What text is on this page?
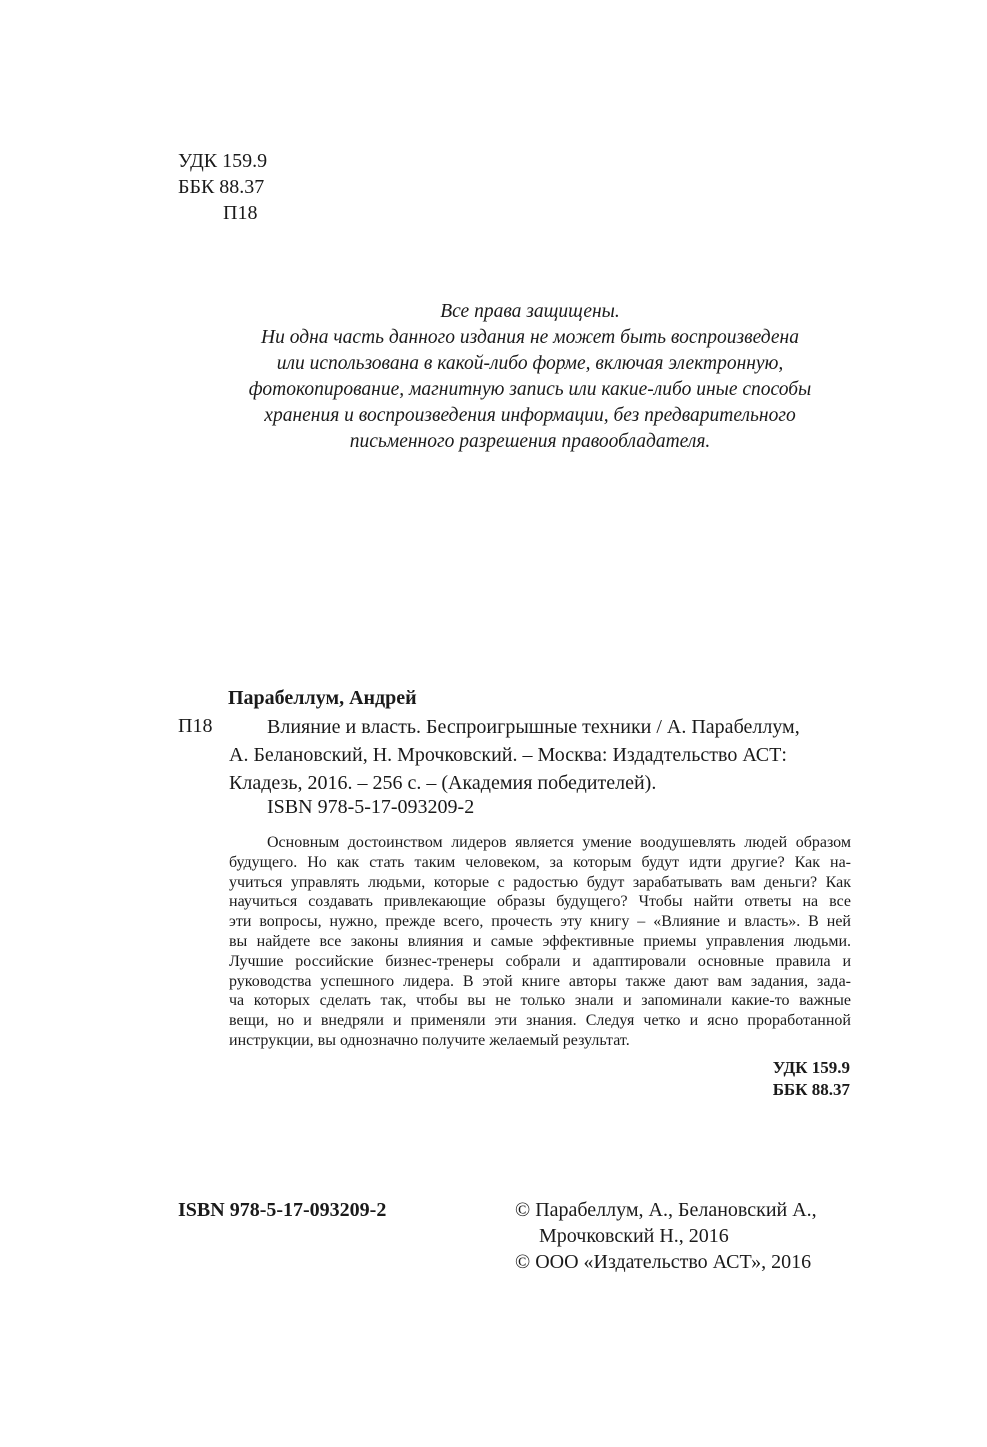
УДК 159.9
ББК 88.37
П18
Все права защищены.
Ни одна часть данного издания не может быть воспроизведена
или использована в какой-либо форме, включая электронную,
фотокопирование, магнитную запись или какие-либо иные способы
хранения и воспроизведения информации, без предварительного
письменного разрешения правообладателя.
Парабеллум, Андрей
П18	Влияние и власть. Беспроигрышные техники / А. Парабеллум,
А. Белановский, Н. Мрочковский. – Москва: Издадтельство АСТ:
Кладезь, 2016. – 256 с. – (Академия победителей).
ISBN 978-5-17-093209-2
Основным достоинством лидеров является умение воодушевлять людей образом
будущего. Но как стать таким человеком, за которым будут идти другие? Как на-
учиться управлять людьми, которые с радостью будут зарабатывать вам деньги? Как
научиться создавать привлекающие образы будущего? Чтобы найти ответы на все
эти вопросы, нужно, прежде всего, прочесть эту книгу – «Влияние и власть». В ней
вы найдете все законы влияния и самые эффективные приемы управления людьми.
Лучшие российские бизнес-тренеры собрали и адаптировали основные правила и
руководства успешного лидера. В этой книге авторы также дают вам задания, зада-
ча которых сделать так, чтобы вы не только знали и запоминали какие-то важные
вещи, но и внедряли и применяли эти знания. Следуя четко и ясно проработанной
инструкции, вы однозначно получите желаемый результат.
УДК 159.9
ББК 88.37
ISBN 978-5-17-093209-2	© Парабеллум, А., Белановский А.,
Мрочковский Н., 2016
© ООО «Издательство АСТ», 2016
